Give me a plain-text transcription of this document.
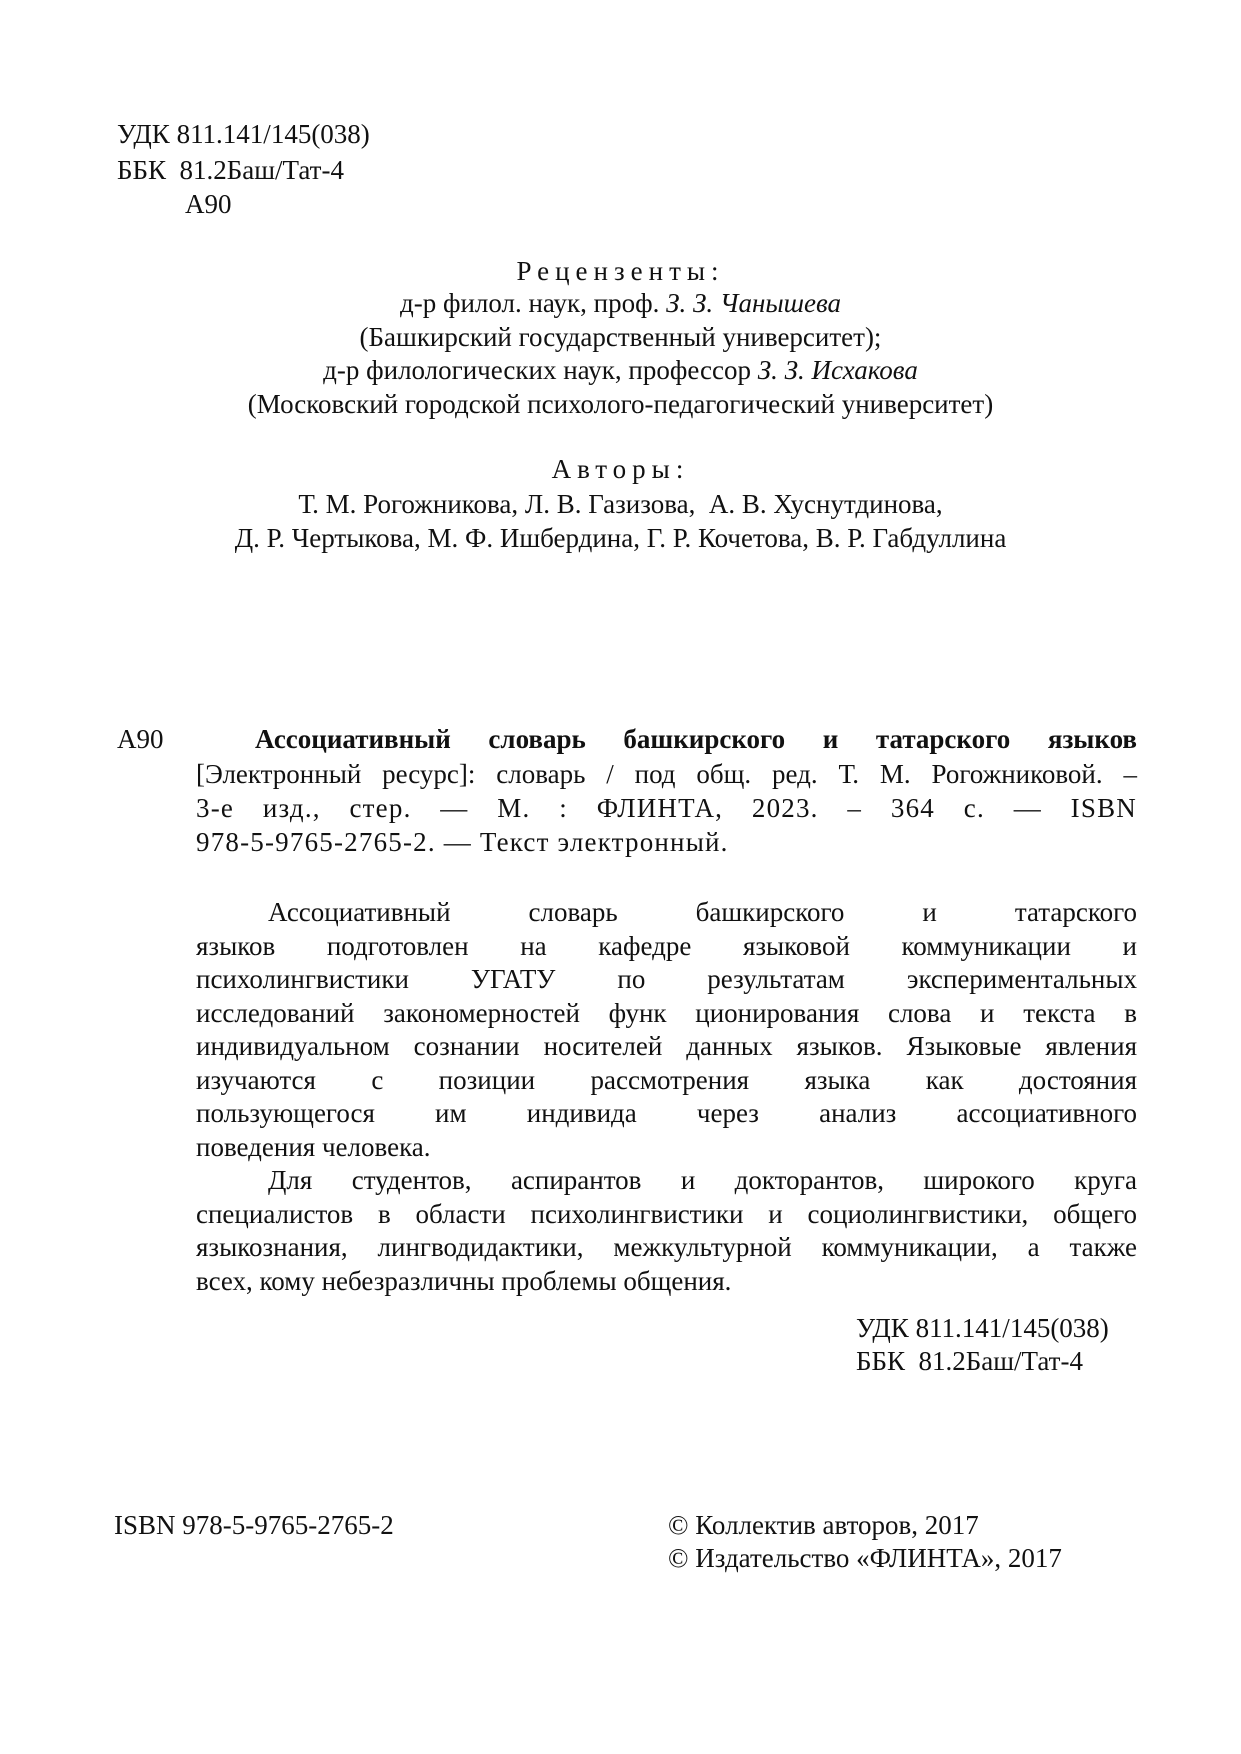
УДК 811.141/145(038)
ББК  81.2Баш/Тат-4
А90
Рецензенты:
д-р филол. наук, проф. З. З. Чанышева
(Башкирский государственный университет);
д-р филологических наук, профессор З. З. Исхакова
(Московский городской психолого-педагогический университет)
Авторы:
Т. М. Рогожникова, Л. В. Газизова,  А. В. Хуснутдинова,
Д. Р. Чертыкова, М. Ф. Ишбердина, Г. Р. Кочетова, В. Р. Габдуллина
А90	Ассоциативный словарь башкирского и татарского языков
[Электронный ресурс]: словарь / под общ. ред. Т. М. Рогожниковой. –
3-е изд., стер. — М. : ФЛИНТА, 2023. – 364 с. — ISBN
978-5-9765-2765-2. — Текст электронный.
Ассоциативный словарь башкирского и татарского
языков подготовлен на кафедре языковой коммуникации и
психолингвистики УГАТУ по результатам экспериментальных
исследований закономерностей функ ционирования слова и текста в
индивидуальном сознании носителей данных языков. Языковые явления
изучаются с позиции рассмотрения языка как достояния
пользующегося им индивида через анализ ассоциативного
поведения человека.
Для студентов, аспирантов и докторантов, широкого круга
специалистов в области психолингвистики и социолингвистики, общего
языкознания, лингводидактики, межкультурной коммуникации, а также
всех, кому небезразличны проблемы общения.
УДК 811.141/145(038)
ББК  81.2Баш/Тат-4
ISBN 978-5-9765-2765-2	© Коллектив авторов, 2017
© Издательство «ФЛИНТА», 2017
